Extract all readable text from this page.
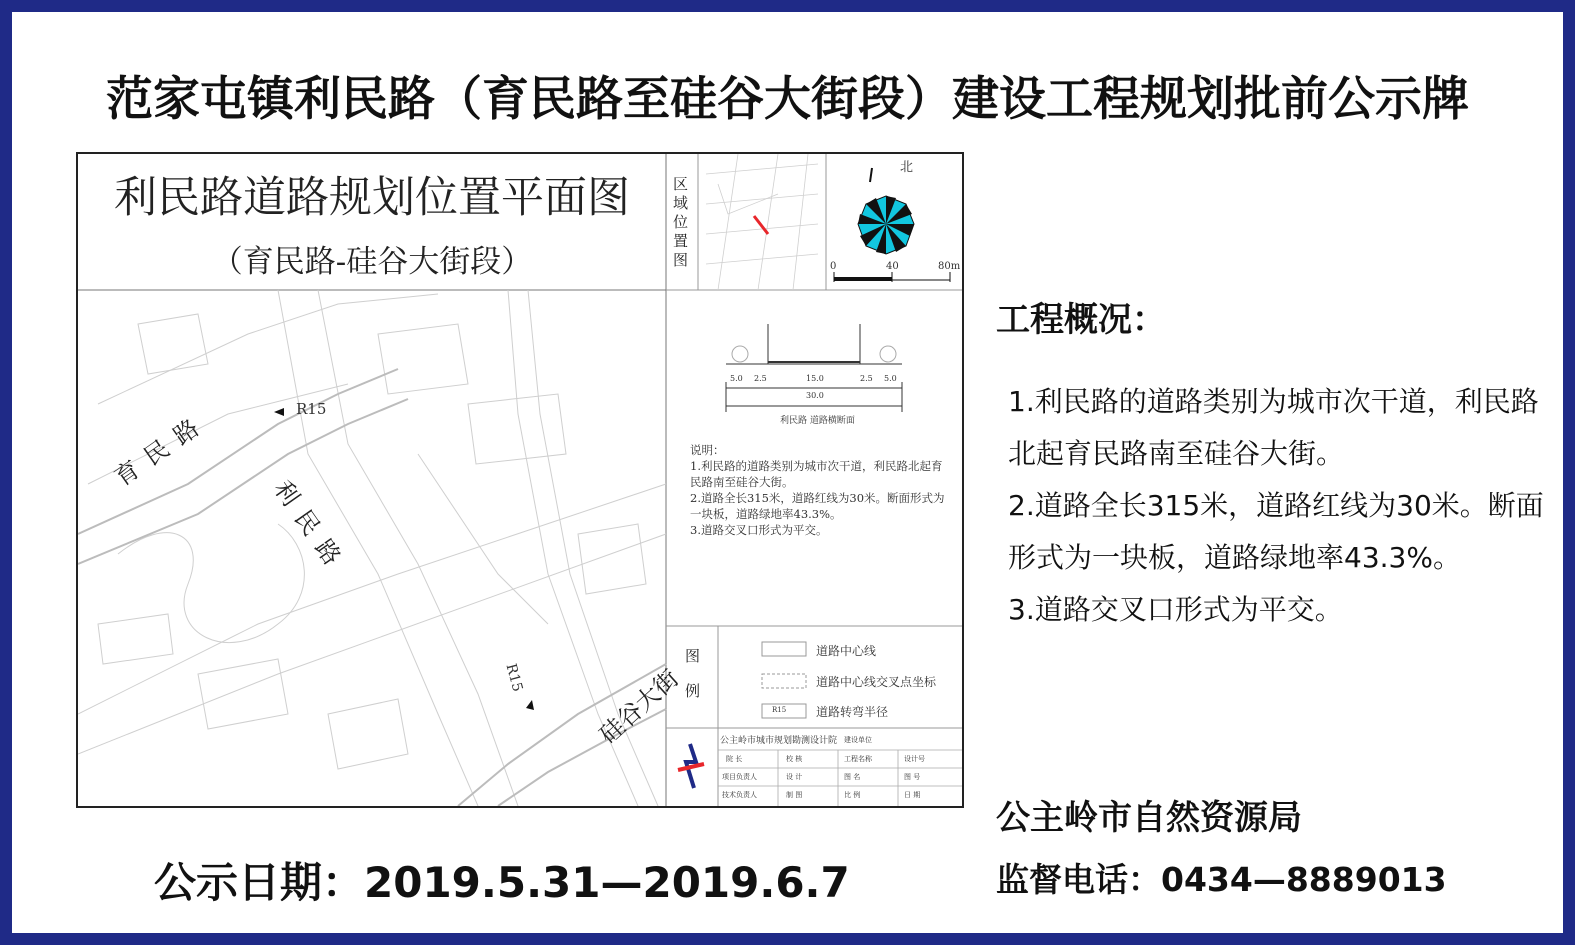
范家屯镇利民路（育民路至硅谷大街段）建设工程规划批前公示牌
利民路道路规划位置平面图
（育民路-硅谷大街段）	区域位置图
北
0	40	80m
5.0 2.5	15.0	2.5 5.0
30.0
利民路 道路横断面

说明：

1.利民路的道路类别为城市次干道，利民路北起育民路南至硅谷大街。

2.道路全长315米，道路红线为30米。断面形式为一块板，道路绿地率43.3%。

3.道路交叉口形式为平交。

图例	道路中心线
道路中心线交叉点坐标
道路转弯半径
R15
公主岭市城市规划勘测设计院 建设单位
院 长	校 核	工程名称	设计号
项目负责人	设 计	图 名	图 号
技术负责人	制 图	比 例	日 期
育民路
利民路
硅谷大街
R15
R15
工程概况：

1.利民路的道路类别为城市次干道，利民路北起育民路南至硅谷大街。

2.道路全长315米，道路红线为30米。断面形式为一块板，道路绿地率43.3%。

3.道路交叉口形式为平交。

公主岭市自然资源局
监督电话：0434—8889013
公示日期：2019.5.31—2019.6.7
